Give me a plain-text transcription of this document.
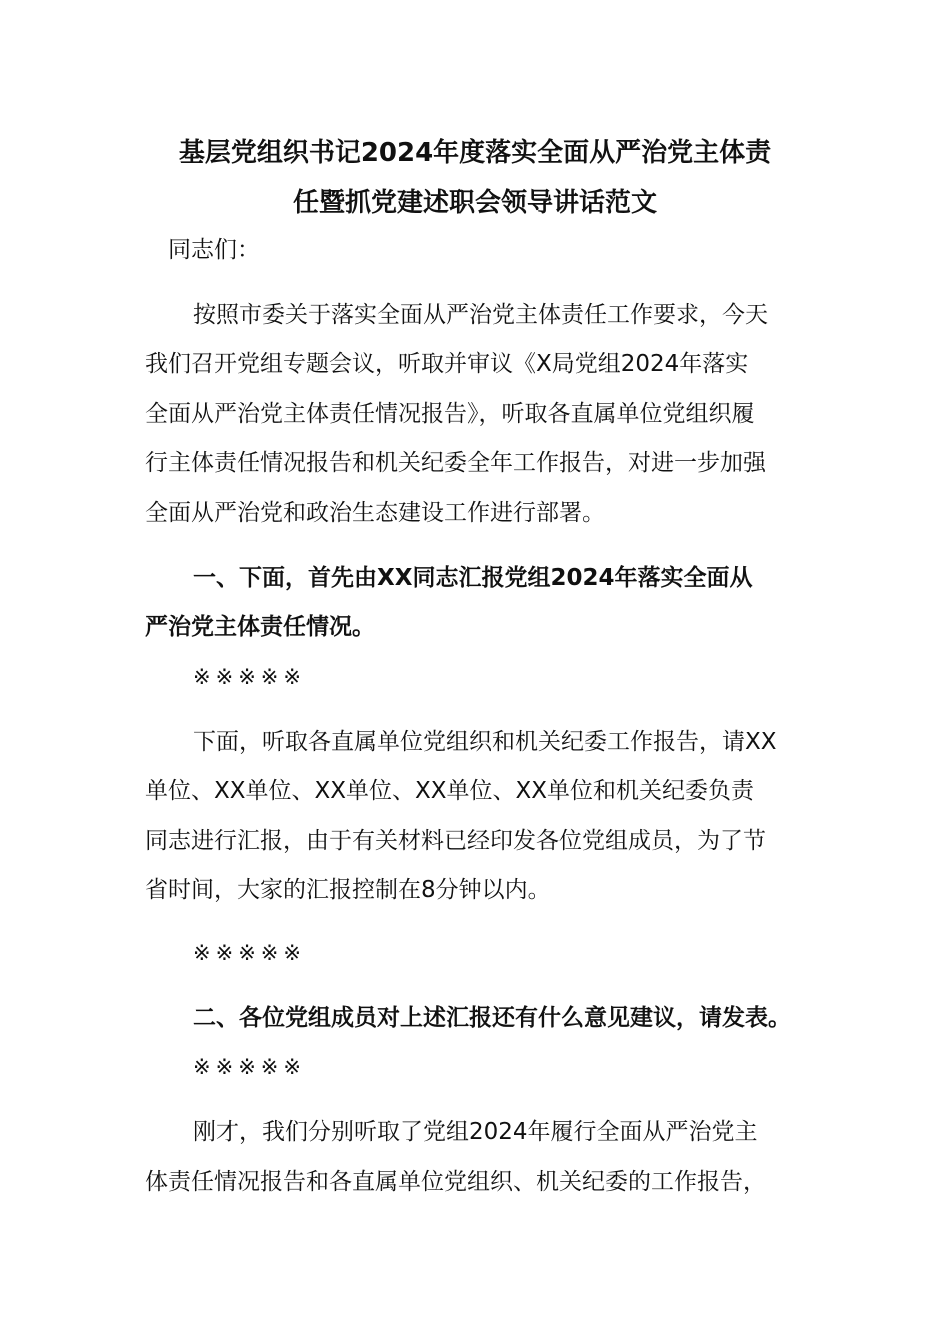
基层党组织书记2024年度落实全面从严治党主体责
任暨抓党建述职会领导讲话范文
同志们：
按照市委关于落实全面从严治党主体责任工作要求，今天
我们召开党组专题会议，听取并审议《X局党组2024年落实
全面从严治党主体责任情况报告》，听取各直属单位党组织履
行主体责任情况报告和机关纪委全年工作报告，对进一步加强
全面从严治党和政治生态建设工作进行部署。
一、下面，首先由XX同志汇报党组2024年落实全面从
严治党主体责任情况。
※※※※※
下面，听取各直属单位党组织和机关纪委工作报告，请XX
单位、XX单位、XX单位、XX单位、XX单位和机关纪委负责
同志进行汇报，由于有关材料已经印发各位党组成员，为了节
省时间，大家的汇报控制在8分钟以内。
※※※※※
二、各位党组成员对上述汇报还有什么意见建议，请发表。
※※※※※
刚才，我们分别听取了党组2024年履行全面从严治党主
体责任情况报告和各直属单位党组织、机关纪委的工作报告，
